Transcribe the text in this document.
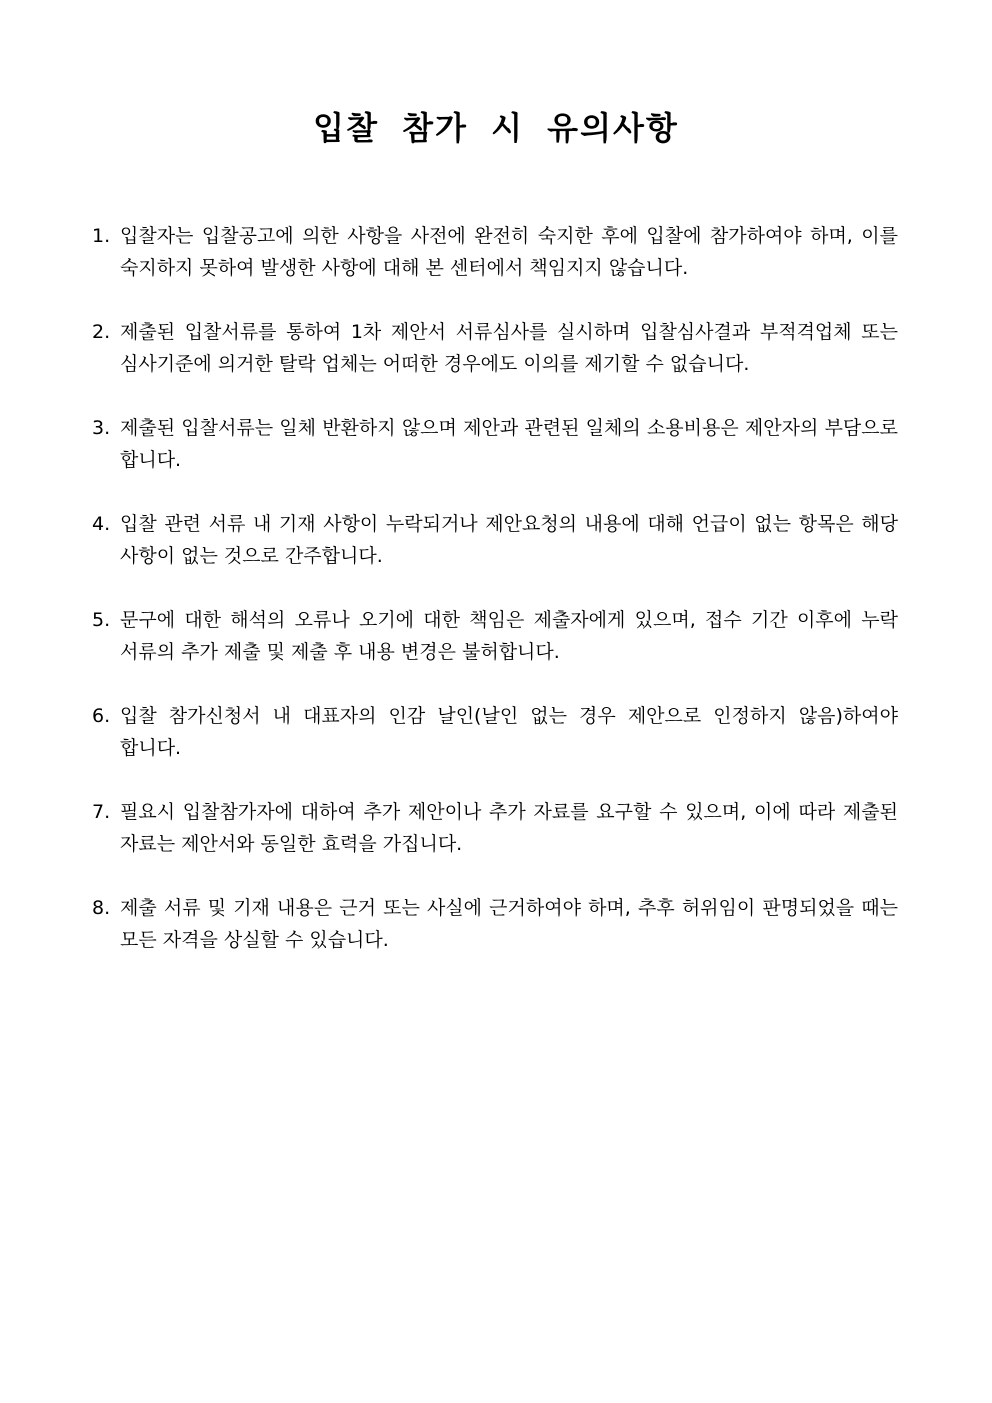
입찰 참가 시 유의사항
1. 입찰자는 입찰공고에 의한 사항을 사전에 완전히 숙지한 후에 입찰에 참가하여야 하며, 이를 숙지하지 못하여 발생한 사항에 대해 본 센터에서 책임지지 않습니다.
2. 제출된 입찰서류를 통하여 1차 제안서 서류심사를 실시하며 입찰심사결과 부적격업체 또는 심사기준에 의거한 탈락 업체는 어떠한 경우에도 이의를 제기할 수 없습니다.
3. 제출된 입찰서류는 일체 반환하지 않으며 제안과 관련된 일체의 소용비용은 제안자의 부담으로 합니다.
4. 입찰 관련 서류 내 기재 사항이 누락되거나 제안요청의 내용에 대해 언급이 없는 항목은 해당 사항이 없는 것으로 간주합니다.
5. 문구에 대한 해석의 오류나 오기에 대한 책임은 제출자에게 있으며, 접수 기간 이후에 누락 서류의 추가 제출 및 제출 후 내용 변경은 불허합니다.
6. 입찰 참가신청서 내 대표자의 인감 날인(날인 없는 경우 제안으로 인정하지 않음)하여야 합니다.
7. 필요시 입찰참가자에 대하여 추가 제안이나 추가 자료를 요구할 수 있으며, 이에 따라 제출된 자료는 제안서와 동일한 효력을 가집니다.
8. 제출 서류 및 기재 내용은 근거 또는 사실에 근거하여야 하며, 추후 허위임이 판명되었을 때는 모든 자격을 상실할 수 있습니다.
